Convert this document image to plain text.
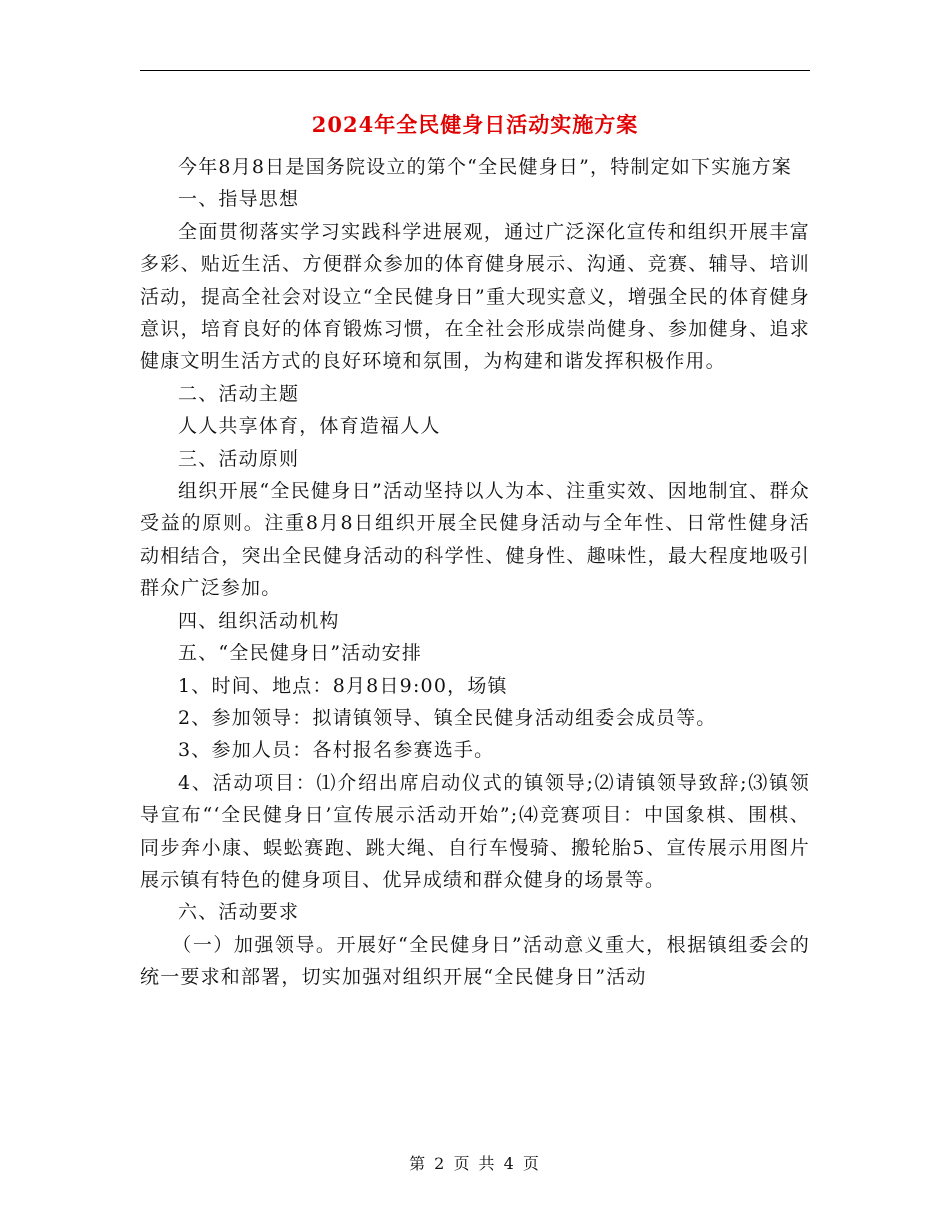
2024年全民健身日活动实施方案

今年8月8日是国务院设立的第个“全民健身日”，特制定如下实施方案

一、指导思想

全面贯彻落实学习实践科学进展观，通过广泛深化宣传和组织开展丰富多彩、贴近生活、方便群众参加的体育健身展示、沟通、竞赛、辅导、培训活动，提高全社会对设立“全民健身日”重大现实意义，增强全民的体育健身意识，培育良好的体育锻炼习惯，在全社会形成崇尚健身、参加健身、追求健康文明生活方式的良好环境和氛围，为构建和谐发挥积极作用。

二、活动主题

人人共享体育，体育造福人人

三、活动原则

组织开展“全民健身日”活动坚持以人为本、注重实效、因地制宜、群众受益的原则。注重8月8日组织开展全民健身活动与全年性、日常性健身活动相结合，突出全民健身活动的科学性、健身性、趣味性，最大程度地吸引群众广泛参加。

四、组织活动机构

五、“全民健身日”活动安排

1、时间、地点：8月8日9:00，场镇

2、参加领导：拟请镇领导、镇全民健身活动组委会成员等。

3、参加人员：各村报名参赛选手。

4、活动项目：⑴介绍出席启动仪式的镇领导;⑵请镇领导致辞;⑶镇领导宣布“‘全民健身日’宣传展示活动开始”;⑷竞赛项目：中国象棋、围棋、同步奔小康、蜈蚣赛跑、跳大绳、自行车慢骑、搬轮胎5、宣传展示用图片展示镇有特色的健身项目、优异成绩和群众健身的场景等。

六、活动要求

（一）加强领导。开展好“全民健身日”活动意义重大，根据镇组委会的统一要求和部署，切实加强对组织开展“全民健身日”活动

第 2 页 共 4 页
